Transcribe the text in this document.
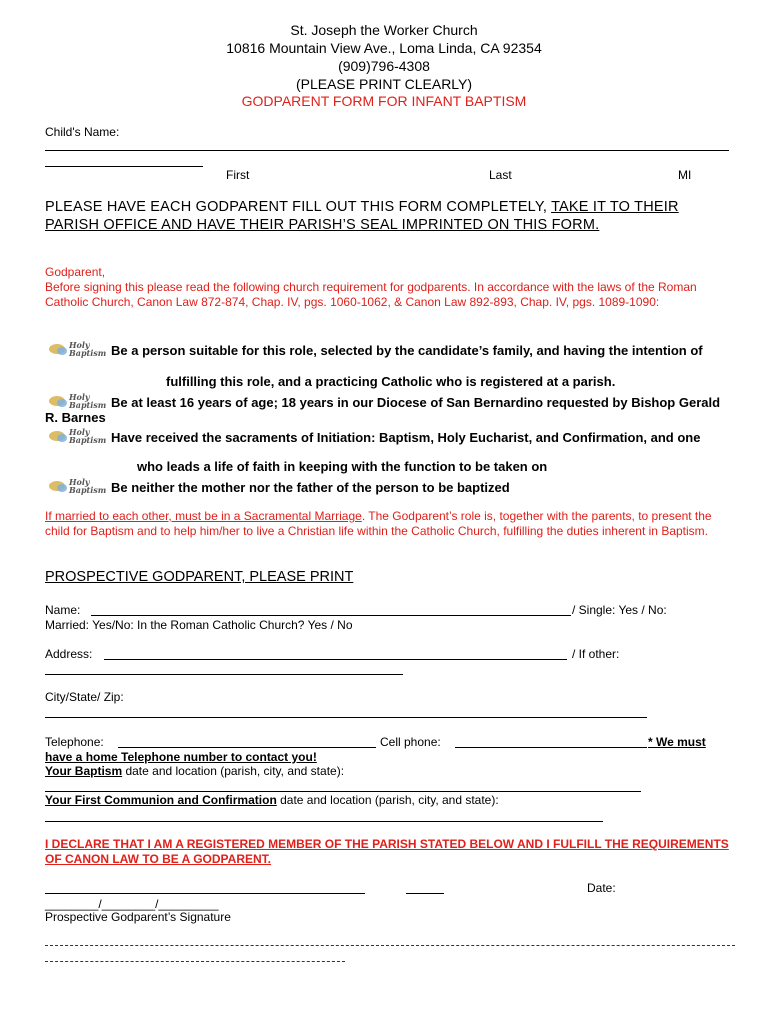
St. Joseph the Worker Church
10816 Mountain View Ave., Loma Linda, CA 92354
(909)796-4308
(PLEASE PRINT CLEARLY)
GODPARENT FORM FOR INFANT BAPTISM
Child's Name:
First	Last	MI
PLEASE HAVE EACH GODPARENT FILL OUT THIS FORM COMPLETELY, TAKE IT TO THEIR PARISH OFFICE AND HAVE THEIR PARISH’S SEAL IMPRINTED ON THIS FORM.
Godparent,
Before signing this please read the following church requirement for godparents. In accordance with the laws of the Roman Catholic Church, Canon Law 872-874, Chap. IV, pgs. 1060-1062, & Canon Law 892-893, Chap. IV, pgs. 1089-1090:
Holy
Baptism Be a person suitable for this role, selected by the candidate’s family, and having the intention of
fulfilling this role, and a practicing Catholic who is registered at a parish.
Holy
Baptism Be at least 16 years of age; 18 years in our Diocese of San Bernardino requested by Bishop Gerald R. Barnes
Holy
Baptism Have received the sacraments of Initiation: Baptism, Holy Eucharist, and Confirmation, and one
who leads a life of faith in keeping with the function to be taken on
Holy
Baptism Be neither the mother nor the father of the person to be baptized
If married to each other, must be in a Sacramental Marriage. The Godparent’s role is, together with the parents, to present the child for Baptism and to help him/her to live a Christian life within the Catholic Church, fulfilling the duties inherent in Baptism.
PROSPECTIVE GODPARENT, PLEASE PRINT
Name:	/ Single: Yes / No:
Married: Yes/No: In the Roman Catholic Church? Yes / No
Address:	/ If other:
City/State/ Zip:
Telephone:	Cell phone:	* We must have a home Telephone number to contact you!
Your Baptism date and location (parish, city, and state):
Your First Communion and Confirmation date and location (parish, city, and state):
I DECLARE THAT I AM A REGISTERED MEMBER OF THE PARISH STATED BELOW AND I FULFILL THE REQUIREMENTS OF CANON LAW TO BE A GODPARENT.
Date:
________/________/_________
Prospective Godparent’s Signature
